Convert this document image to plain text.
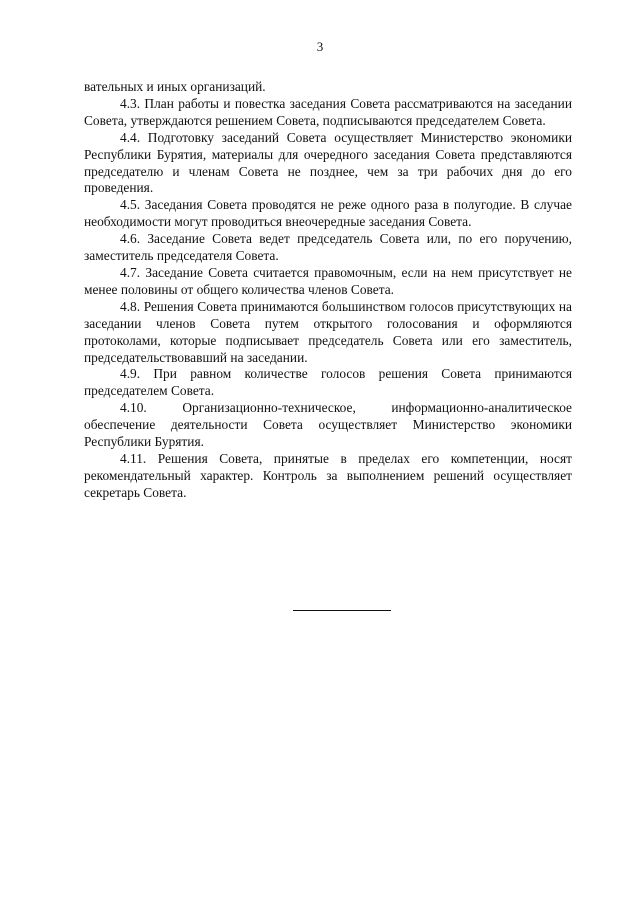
3

вательных и иных организаций.

4.3. План работы и повестка заседания Совета рассматриваются на заседании Совета, утверждаются решением Совета, подписываются председателем Совета.

4.4. Подготовку заседаний Совета осуществляет Министерство экономики Республики Бурятия, материалы для очередного заседания Совета представляются председателю и членам Совета не позднее, чем за три рабочих дня до его проведения.

4.5. Заседания Совета проводятся не реже одного раза в полугодие. В случае необходимости могут проводиться внеочередные заседания Совета.

4.6. Заседание Совета ведет председатель Совета или, по его поручению, заместитель председателя Совета.

4.7. Заседание Совета считается правомочным, если на нем присутствует не менее половины от общего количества членов Совета.

4.8. Решения Совета принимаются большинством голосов присутствующих на заседании членов Совета путем открытого голосования и оформляются протоколами, которые подписывает председатель Совета или его заместитель, председательствовавший на заседании.

4.9. При равном количестве голосов решения Совета принимаются председателем Совета.

4.10. Организационно-техническое, информационно-аналитическое обеспечение деятельности Совета осуществляет Министерство экономики Республики Бурятия.

4.11. Решения Совета, принятые в пределах его компетенции, носят рекомендательный характер. Контроль за выполнением решений осуществляет секретарь Совета.
